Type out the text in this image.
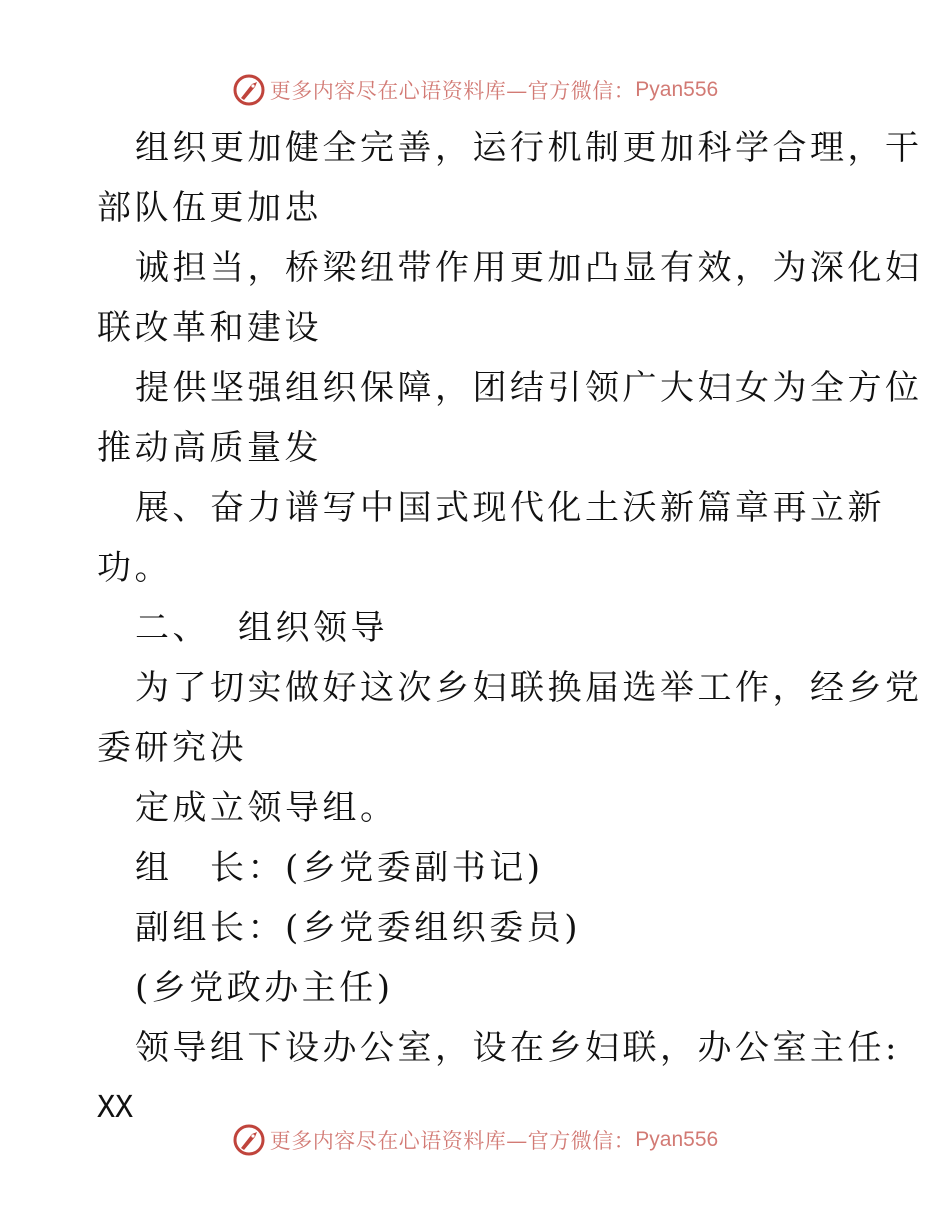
更多内容尽在心语资料库—官方微信： Pyan556
组织更加健全完善，运行机制更加科学合理，干
部队伍更加忠
诚担当，桥梁纽带作用更加凸显有效，为深化妇
联改革和建设
提供坚强组织保障，团结引领广大妇女为全方位
推动高质量发
展、奋力谱写中国式现代化土沃新篇章再立新
功。
二、 组织领导
为了切实做好这次乡妇联换届选举工作，经乡党
委研究决
定成立领导组。
组　长：(乡党委副书记)
副组长：(乡党委组织委员)
(乡党政办主任)
领导组下设办公室，设在乡妇联，办公室主任:
XX
更多内容尽在心语资料库—官方微信： Pyan556
